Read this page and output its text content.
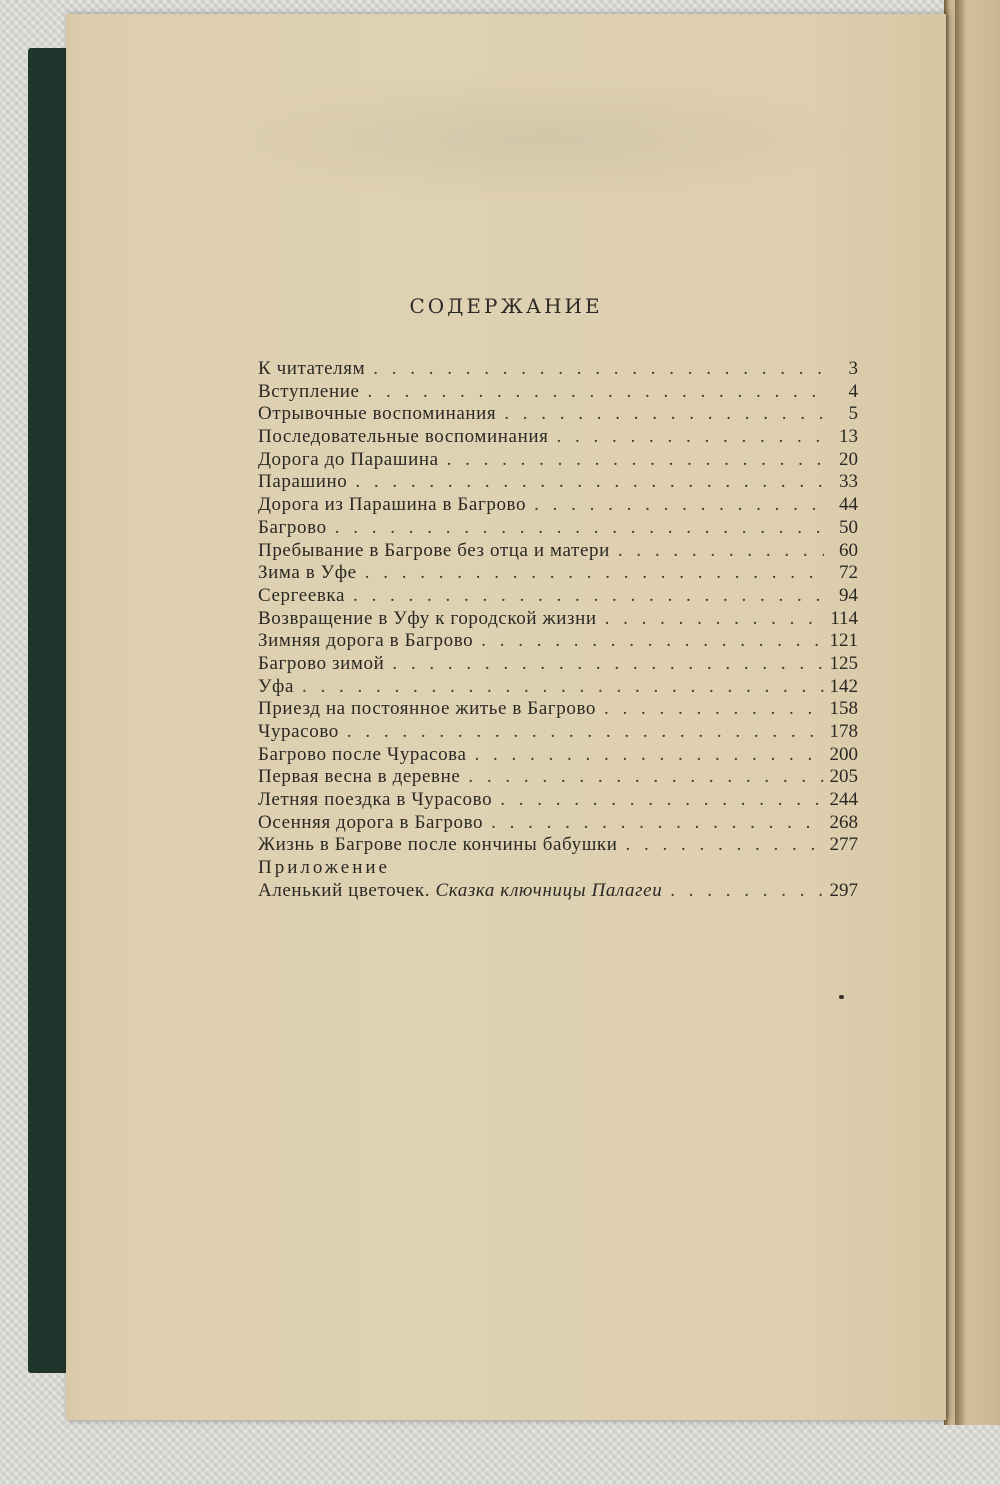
СОДЕРЖАНИЕ
К читателям . . .	3
Вступление . . .	4
Отрывочные воспоминания . . .	5
Последовательные воспоминания . . .	13
Дорога до Парашина . . .	20
Парашино . . .	33
Дорога из Парашина в Багрово . . .	44
Багрово . . .	50
Пребывание в Багрове без отца и матери . . .	60
Зима в Уфе . . .	72
Сергеевка . . .	94
Возвращение в Уфу к городской жизни . . .	114
Зимняя дорога в Багрово . . .	121
Багрово зимой . . .	125
Уфа . . .	142
Приезд на постоянное житье в Багрово . . .	158
Чурасово . . .	178
Багрово после Чурасова . . .	200
Первая весна в деревне . . .	205
Летняя поездка в Чурасово . . .	244
Осенняя дорога в Багрово . . .	268
Жизнь в Багрове после кончины бабушки . . .	277
Приложение
Аленький цветочек. Сказка ключницы Палагеи . . .	297
